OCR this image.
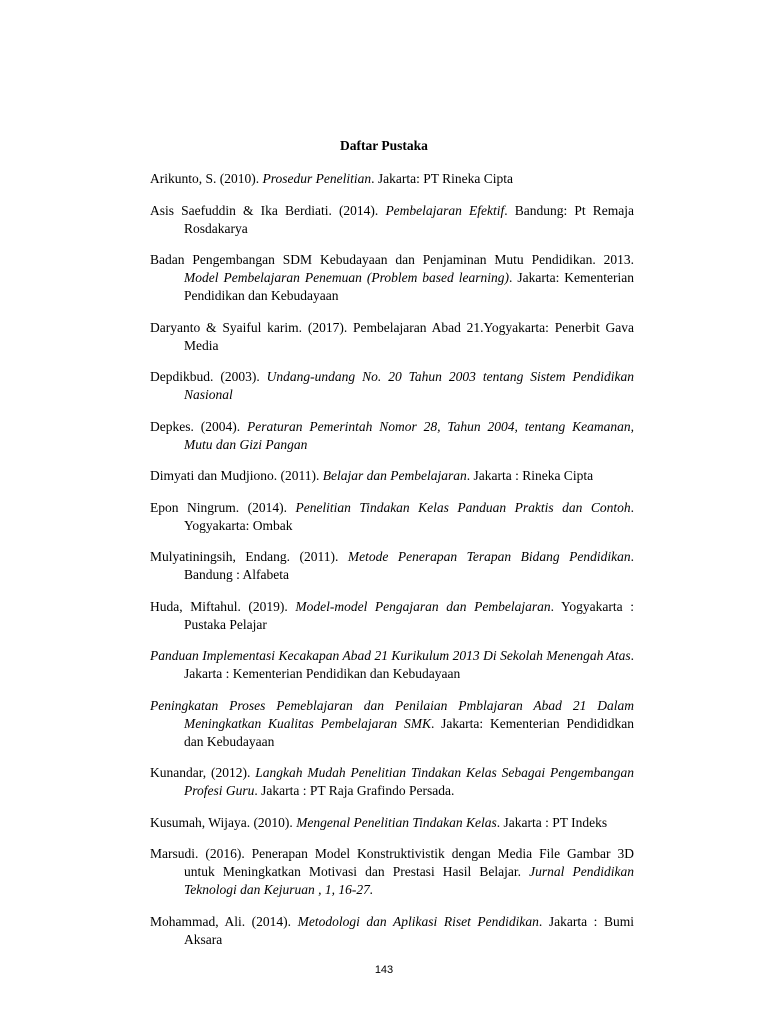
Daftar Pustaka

Arikunto, S. (2010). Prosedur Penelitian. Jakarta: PT Rineka Cipta

Asis Saefuddin & Ika Berdiati. (2014). Pembelajaran Efektif. Bandung: Pt Remaja Rosdakarya

Badan Pengembangan SDM Kebudayaan dan Penjaminan Mutu Pendidikan. 2013. Model Pembelajaran Penemuan (Problem based learning). Jakarta: Kementerian Pendidikan dan Kebudayaan

Daryanto & Syaiful karim. (2017). Pembelajaran Abad 21.Yogyakarta: Penerbit Gava Media

Depdikbud. (2003). Undang-undang No. 20 Tahun 2003 tentang Sistem Pendidikan Nasional

Depkes. (2004). Peraturan Pemerintah Nomor 28, Tahun 2004, tentang Keamanan, Mutu dan Gizi Pangan

Dimyati dan Mudjiono. (2011). Belajar dan Pembelajaran. Jakarta : Rineka Cipta

Epon Ningrum. (2014). Penelitian Tindakan Kelas Panduan Praktis dan Contoh. Yogyakarta: Ombak

Mulyatiningsih, Endang. (2011). Metode Penerapan Terapan Bidang Pendidikan. Bandung : Alfabeta

Huda, Miftahul. (2019). Model-model Pengajaran dan Pembelajaran. Yogyakarta : Pustaka Pelajar

Panduan Implementasi Kecakapan Abad 21 Kurikulum 2013 Di Sekolah Menengah Atas. Jakarta : Kementerian Pendidikan dan Kebudayaan

Peningkatan Proses Pemeblajaran dan Penilaian Pmblajaran Abad 21 Dalam Meningkatkan Kualitas Pembelajaran SMK. Jakarta: Kementerian Pendididkan dan Kebudayaan

Kunandar, (2012). Langkah Mudah Penelitian Tindakan Kelas Sebagai Pengembangan Profesi Guru. Jakarta : PT Raja Grafindo Persada.

Kusumah, Wijaya. (2010). Mengenal Penelitian Tindakan Kelas. Jakarta : PT Indeks

Marsudi. (2016). Penerapan Model Konstruktivistik dengan Media File Gambar 3D untuk Meningkatkan Motivasi dan Prestasi Hasil Belajar. Jurnal Pendidikan Teknologi dan Kejuruan , 1, 16-27.

Mohammad, Ali. (2014). Metodologi dan Aplikasi Riset Pendidikan. Jakarta : Bumi Aksara

143
